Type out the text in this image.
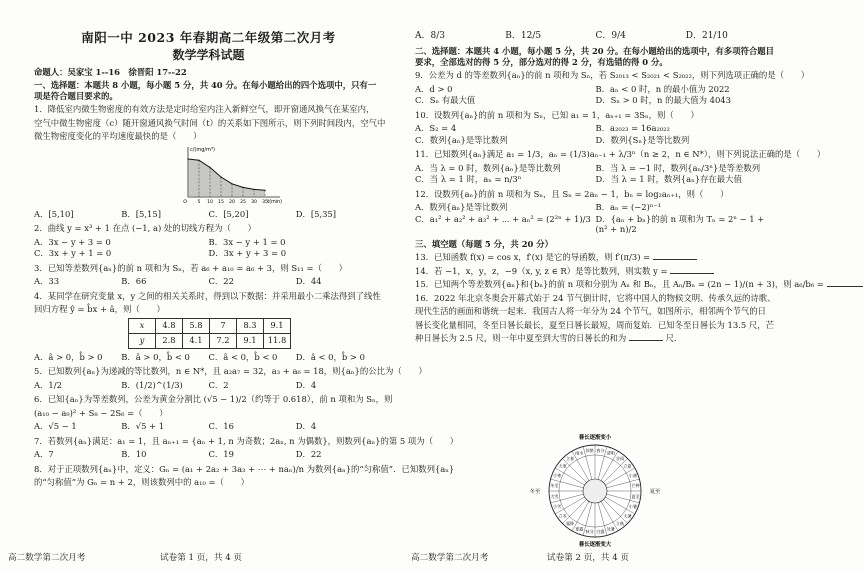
南阳一中 2023 年春期高二年级第二次月考
数学学科试题
命题人：吴家宝 1--16　徐晋阳 17--22
一、选择题：本题共 8 小题，每小题 5 分，共 40 分。在每小题给出的四个选项中，只有一项是符合题目要求的。
1．降低室内微生物密度的有效方法是定时给室内注入新鲜空气，即开窗通风换气在某室内，
空气中微生物密度（c）随开窗通风换气时间（t）的关系如下图所示，则下列时间段内，空气中
微生物密度变化的平均速度最快的是（　　）
O 5 10 15 20 25 30 35 t(min)
c/(mg/m³)
A．[5,10]	B．[5,15]	C．[5,20]	D．[5,35]
2．曲线 y = x³ + 1 在点 (−1, a) 处的切线方程为（　　）
A．3x − y + 3 = 0	B．3x − y + 1 = 0
C．3x + y + 1 = 0	D．3x + y + 3 = 0
3．已知等差数列{aₙ}的前 n 项和为 Sₙ，若 a₆ + a₁₀ = a₆ + 3，则 S₁₁ =（　　）
A．33	B．66	C．22	D．44
4．某同学在研究变量 x，y 之间的相关关系时，得到以下数据：并采用最小二乘法得到了线性
回归方程 ŷ = b̂x + â，则（　　）
x	4.8	5.8	7	8.3	9.1
y	2.8	4.1	7.2	9.1	11.8
A．â > 0，b̂ > 0	B．â > 0，b̂ < 0	C．â < 0，b̂ < 0	D．â < 0，b̂ > 0
5．已知数列{aₙ}为递减的等比数列，n ∈ N*，且 a₂a₇ = 32，a₃ + a₆ = 18，则{aₙ}的公比为（　　）
A．1/2	B．(1/2)^(1/3)	C．2	D．4
6．已知{aₙ}为等差数列，公差为黄金分割比 (√5 − 1)/2（约等于 0.618），前 n 项和为 Sₙ，则
(a₁₀ − a₉)² + S₈ − 2S₆ =（　　）
A．√5 − 1	B．√5 + 1	C．16	D．4
7．若数列{aₙ}满足：a₁ = 1，且 aₙ₊₁ = {aₙ + 1, n 为奇数；2aₙ, n 为偶数}，则数列{aₙ}的第 5 项为（　　）
A．7	B．10	C．19	D．22
8．对于正项数列{aₙ}中，定义：Gₙ = (a₁ + 2a₂ + 3a₃ + ⋯ + naₙ)/n 为数列{aₙ}的“匀称值”．已知数列{aₙ}
的“匀称值”为 Gₙ = n + 2，则该数列中的 a₁₀ =（　　）
高二数学第二次月考	试卷第 1 页，共 4 页
A．8/3	B．12/5	C．9/4	D．21/10
二、选择题：本题共 4 小题，每小题 5 分，共 20 分。在每小题给出的选项中，有多项符合题目要求，全部选对的得 5 分，部分选对的得 2 分，有选错的得 0 分。
9．公差为 d 的等差数列{aₙ}的前 n 项和为 Sₙ，若 S₂₀₁₃ < S₂₀₂₁ < S₂₀₂₂，则下列选项正确的是（　　）
A．d > 0	B．aₙ < 0 时，n 的最小值为 2022
C．Sₙ 有最大值	D．Sₙ > 0 时，n 的最大值为 4043
10．设数列{aₙ}的前 n 项和为 Sₙ，已知 a₁ = 1，aₙ₊₁ = 3Sₙ，则（　　）
A．S₂ = 4	B．a₂₀₂₃ = 16a₂₀₂₂
C．数列{aₙ}是等比数列	D．数列{Sₙ}是等比数列
11．已知数列{aₙ}满足 a₁ = 1/3，aₙ = (1/3)aₙ₋₁ + λ/3ⁿ（n ≥ 2，n ∈ N*），则下列说法正确的是（　　）
A．当 λ = 0 时，数列{aₙ}是等比数列	B．当 λ = −1 时，数列{aₙ/3ⁿ}是等差数列
C．当 λ = 1 时，aₙ = n/3ⁿ	D．当 λ = 1 时，数列{aₙ}存在最大值
12．设数列{aₙ}的前 n 项和为 Sₙ，且 Sₙ = 2aₙ − 1，bₙ = log₂aₙ₊₁，则（　　）
A．数列{aₙ}是等比数列	B．aₙ = (−2)ⁿ⁻¹
C．a₁² + a₂² + a₃² + ⋯ + aₙ² = (2²ⁿ + 1)/3 D．{aₙ + bₙ}的前 n 项和为 Tₙ = 2ⁿ − 1 + (n² + n)/2
三、填空题（每题 5 分，共 20 分）
13．已知函数 f(x) = cos x，f′(x) 是它的导函数，则 f′(π/3) =
14．若 −1，x，y，z，−9（x, y, z ∈ R）是等比数列，则实数 y =
15．已知两个等差数列{aₙ}和{bₙ}的前 n 项和分别为 Aₙ 和 Bₙ，且 Aₙ/Bₙ = (2n − 1)/(n + 3)，则 a₆/b₆ =
16．2022 年北京冬奥会开幕式始于 24 节气倒计时，它将中国人的物候文明、传承久远的诗歌、
现代生活的画面和谐统一起来．我国古人将一年分为 24 个节气，如图所示，相邻两个节气的日
晷长变化量相同，冬至日晷长最长，夏至日晷长最短，周而复始．已知冬至日晷长为 13.5 尺，芒
种日晷长为 2.5 尺，则一年中夏至到大雪的日晷长的和为	尺．
春分
清明
谷雨
立夏
小满
芒种
夏至
小暑
大暑
立秋
处暑
白露
秋分
寒露
霜降
立冬
小雪
大雪
冬至
小寒
大寒
立春
雨水
惊蛰
晷长逐渐变小
晷长逐渐变大
冬至	夏至
高二数学第二次月考	试卷第 2 页，共 4 页
